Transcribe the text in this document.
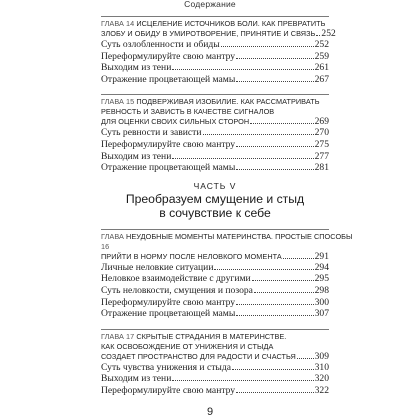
Содержание
ГЛАВА 14
ИСЦЕЛЕНИЕ ИСТОЧНИКОВ БОЛИ. КАК ПРЕВРАТИТЬ
ЗЛОБУ И ОБИДУ В УМИРОТВОРЕНИЕ, ПРИНЯТИЕ И СВЯЗЬ 252
Суть озлобленности и обиды	252
Переформулируйте свою мантру	259
Выходим из тени	261
Отражение процветающей мамы	267
ГЛАВА 15
ПОДВЕРЖИВАЯ ИЗОБИЛИЕ. КАК РАССМАТРИВАТЬ
РЕВНОСТЬ И ЗАВИСТЬ В КАЧЕСТВЕ СИГНАЛОВ
ДЛЯ ОЦЕНКИ СВОИХ СИЛЬНЫХ СТОРОН	269
Суть ревности и зависти	270
Переформулируйте свою мантру	275
Выходим из тени	277
Отражение процветающей мамы	281
ЧАСТЬ V
Преобразуем смущение и стыд
в сочувствие к себе
ГЛАВА 16

НЕУДОБНЫЕ МОМЕНТЫ МАТЕРИНСТВА. ПРОСТЫЕ СПОСОБЫ
ПРИЙТИ В НОРМУ ПОСЛЕ НЕЛОВКОГО МОМЕНТА	291
Личные неловкие ситуации	294
Неловкое взаимодействие с другими	295
Суть неловкости, смущения и позора	298
Переформулируйте свою мантру	300
Отражение процветающей мамы	307
ГЛАВА 17
СКРЫТЫЕ СТРАДАНИЯ В МАТЕРИНСТВЕ.
КАК ОСВОБОЖДЕНИЕ ОТ УНИЖЕНИЯ И СТЫДА
СОЗДАЕТ ПРОСТРАНСТВО ДЛЯ РАДОСТИ И СЧАСТЬЯ 309
Суть чувства унижения и стыда	310
Выходим из тени	320
Переформулируйте свою мантру	322
9
